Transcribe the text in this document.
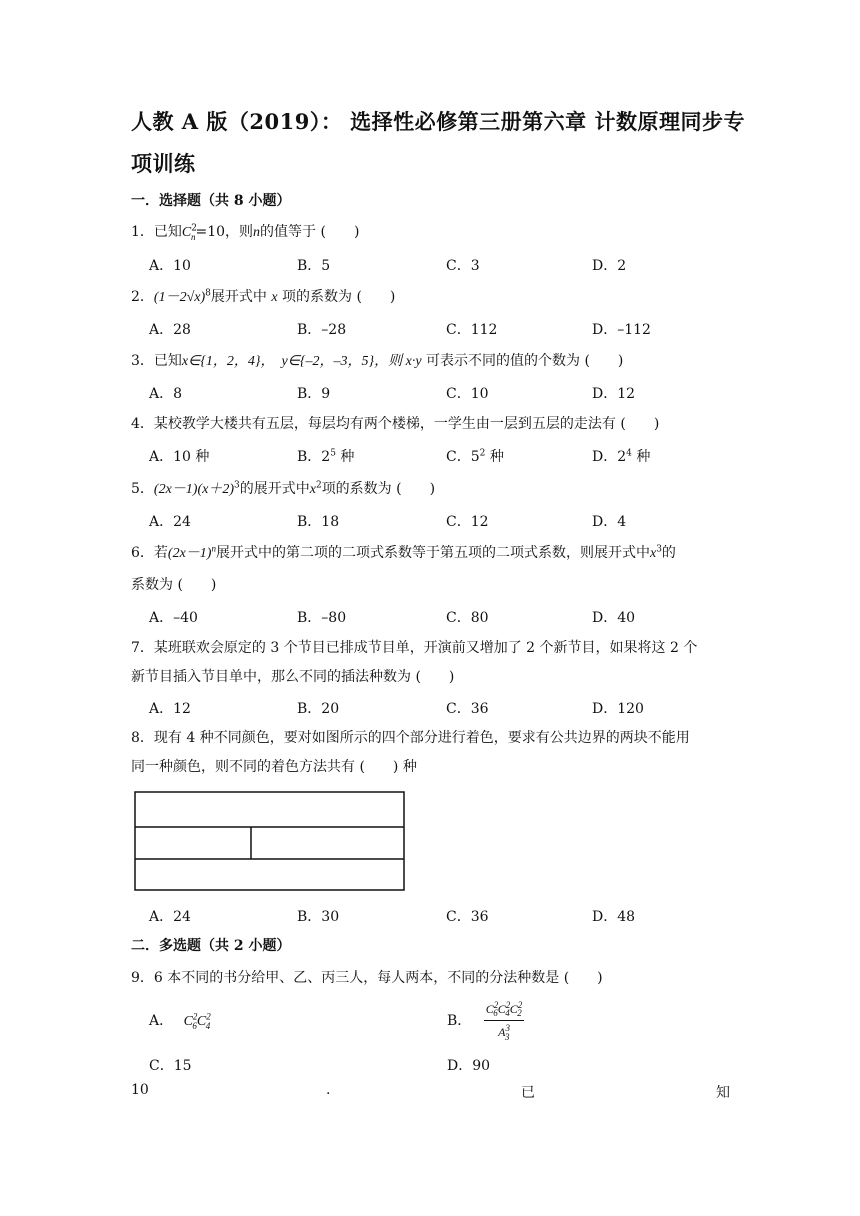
人教 A 版（2019）： 选择性必修第三册第六章 计数原理同步专
项训练
一．选择题（共 8 小题）
1．已知$C^2_n=10$，则n的值等于 (　　)
A．10	B．5	C．3	D．2
2．$(1-2√x)^8$展开式中 x 项的系数为 (　　)
A．28	B．–28	C．112	D．–112
3．已知x∈{1，2，4}，　y∈{–2，–3，5}，则 x·y 可表示不同的值的个数为 (　　)
A．8	B．9	C．10	D．12
4．某校教学大楼共有五层，每层均有两个楼梯，一学生由一层到五层的走法有 (　　)
A．10 种	B．$2^5$ 种	C．$5^2$ 种	D．$2^4$ 种
5．$(2x-1)(x+2)^3$的展开式中$x^2$项的系数为 (　　)
A．24	B．18	C．12	D．4
6．若$(2x-1)^n$展开式中的第二项的二项式系数等于第五项的二项式系数，则展开式中$x^3$的
系数为 (　　)
A．–40	B．–80	C．80	D．40
7．某班联欢会原定的 3 个节目已排成节目单，开演前又增加了 2 个新节目，如果将这 2 个
新节目插入节目单中，那么不同的插法种数为 (　　)
A．12	B．20	C．36	D．120
8．现有 4 种不同颜色，要对如图所示的四个部分进行着色，要求有公共边界的两块不能用
同一种颜色，则不同的着色方法共有 (　　) 种
A．24	B．30	C．36	D．48
二．多选题（共 2 小题）
9．6 本不同的书分给甲、乙、丙三人，每人两本，不同的分法种数是 (　　)
A． $C^2_6C^2_4$	B． $\frac{C^2_6C^2_4C^2_2}{A^3_3}$
C．15	D．90
10	.	已	知
